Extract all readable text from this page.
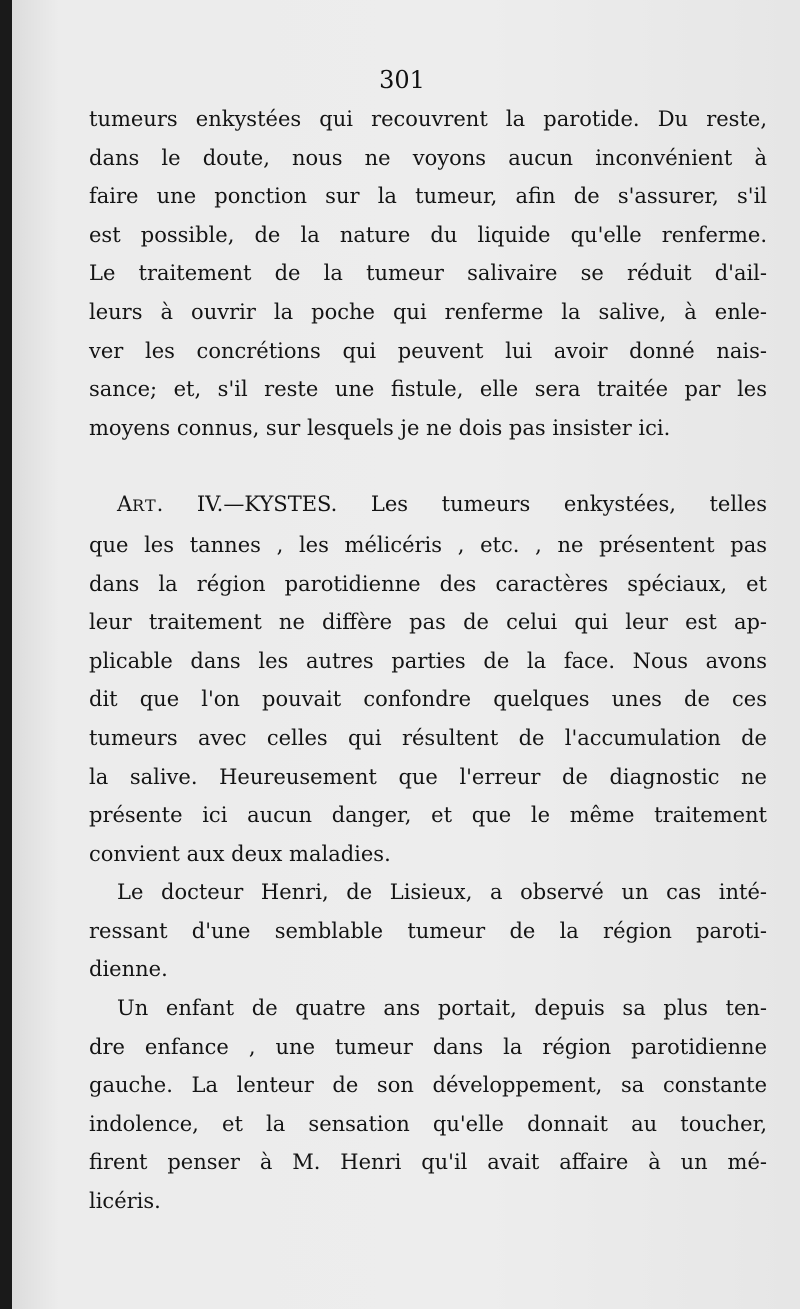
301

tumeurs enkystées qui recouvrent la parotide. Du reste,
dans le doute, nous ne voyons aucun inconvénient à
faire une ponction sur la tumeur, afin de s'assurer, s'il
est possible, de la nature du liquide qu'elle renferme.
Le traitement de la tumeur salivaire se réduit d'ail-
leurs à ouvrir la poche qui renferme la salive, à enle-
ver les concrétions qui peuvent lui avoir donné nais-
sance; et, s'il reste une fistule, elle sera traitée par les
moyens connus, sur lesquels je ne dois pas insister ici.

ART. IV.—KYSTES. Les tumeurs enkystées, telles
que les tannes , les mélicéris , etc. , ne présentent pas
dans la région parotidienne des caractères spéciaux, et
leur traitement ne diffère pas de celui qui leur est ap-
plicable dans les autres parties de la face. Nous avons
dit que l'on pouvait confondre quelques unes de ces
tumeurs avec celles qui résultent de l'accumulation de
la salive. Heureusement que l'erreur de diagnostic ne
présente ici aucun danger, et que le même traitement
convient aux deux maladies.

Le docteur Henri, de Lisieux, a observé un cas inté-
ressant d'une semblable tumeur de la région paroti-
dienne.

Un enfant de quatre ans portait, depuis sa plus ten-
dre enfance , une tumeur dans la région parotidienne
gauche. La lenteur de son développement, sa constante
indolence, et la sensation qu'elle donnait au toucher,
firent penser à M. Henri qu'il avait affaire à un mé-
licéris.
